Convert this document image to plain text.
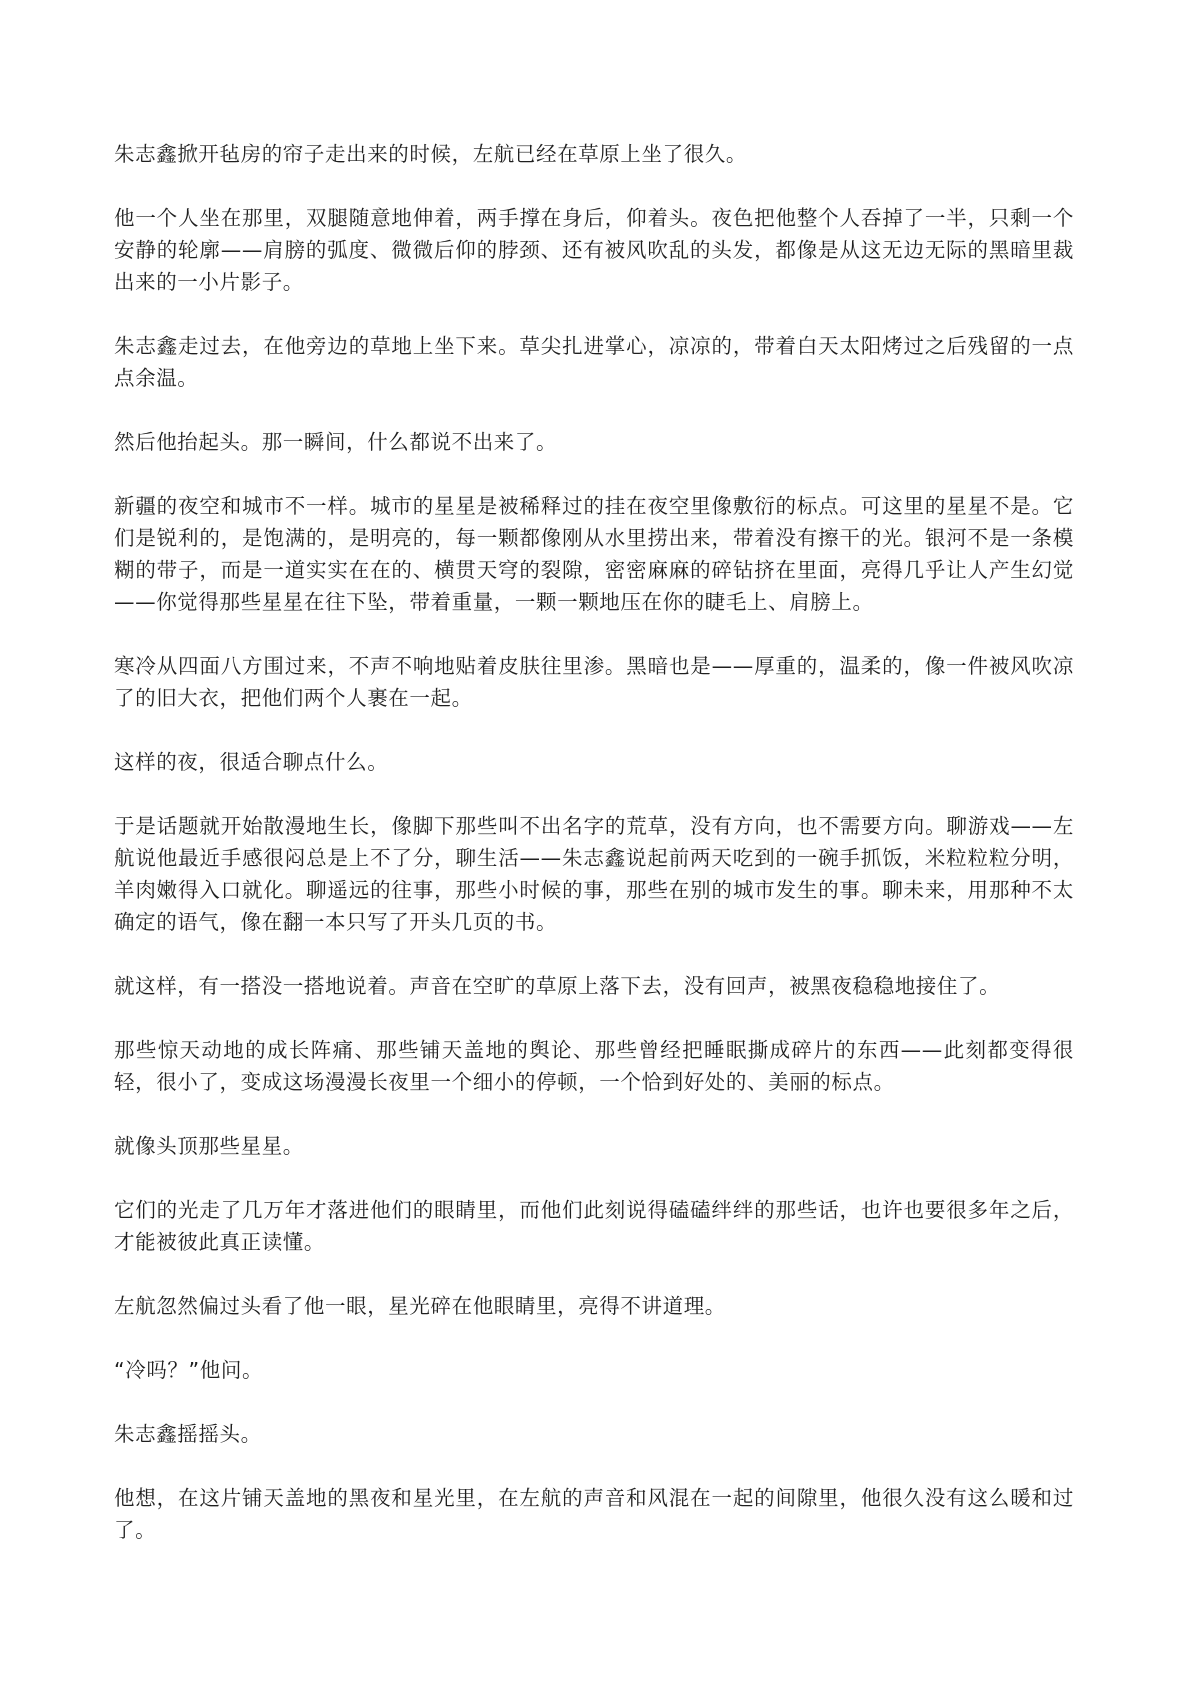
朱志鑫掀开毡房的帘子走出来的时候，左航已经在草原上坐了很久。

他一个人坐在那里，双腿随意地伸着，两手撑在身后，仰着头。夜色把他整个人吞掉了一半，只剩一个安静的轮廓——肩膀的弧度、微微后仰的脖颈、还有被风吹乱的头发，都像是从这无边无际的黑暗里裁出来的一小片影子。

朱志鑫走过去，在他旁边的草地上坐下来。草尖扎进掌心，凉凉的，带着白天太阳烤过之后残留的一点点余温。

然后他抬起头。那一瞬间，什么都说不出来了。

新疆的夜空和城市不一样。城市的星星是被稀释过的挂在夜空里像敷衍的标点。可这里的星星不是。它们是锐利的，是饱满的，是明亮的，每一颗都像刚从水里捞出来，带着没有擦干的光。银河不是一条模糊的带子，而是一道实实在在的、横贯天穹的裂隙，密密麻麻的碎钻挤在里面，亮得几乎让人产生幻觉——你觉得那些星星在往下坠，带着重量，一颗一颗地压在你的睫毛上、肩膀上。

寒冷从四面八方围过来，不声不响地贴着皮肤往里渗。黑暗也是——厚重的，温柔的，像一件被风吹凉了的旧大衣，把他们两个人裹在一起。

这样的夜，很适合聊点什么。

于是话题就开始散漫地生长，像脚下那些叫不出名字的荒草，没有方向，也不需要方向。聊游戏——左航说他最近手感很闷总是上不了分，聊生活——朱志鑫说起前两天吃到的一碗手抓饭，米粒粒粒分明，羊肉嫩得入口就化。聊遥远的往事，那些小时候的事，那些在别的城市发生的事。聊未来，用那种不太确定的语气，像在翻一本只写了开头几页的书。

就这样，有一搭没一搭地说着。声音在空旷的草原上落下去，没有回声，被黑夜稳稳地接住了。

那些惊天动地的成长阵痛、那些铺天盖地的舆论、那些曾经把睡眠撕成碎片的东西——此刻都变得很轻，很小了，变成这场漫漫长夜里一个细小的停顿，一个恰到好处的、美丽的标点。

就像头顶那些星星。

它们的光走了几万年才落进他们的眼睛里，而他们此刻说得磕磕绊绊的那些话，也许也要很多年之后，才能被彼此真正读懂。

左航忽然偏过头看了他一眼，星光碎在他眼睛里，亮得不讲道理。

“冷吗？”他问。

朱志鑫摇摇头。

他想，在这片铺天盖地的黑夜和星光里，在左航的声音和风混在一起的间隙里，他很久没有这么暖和过了。
